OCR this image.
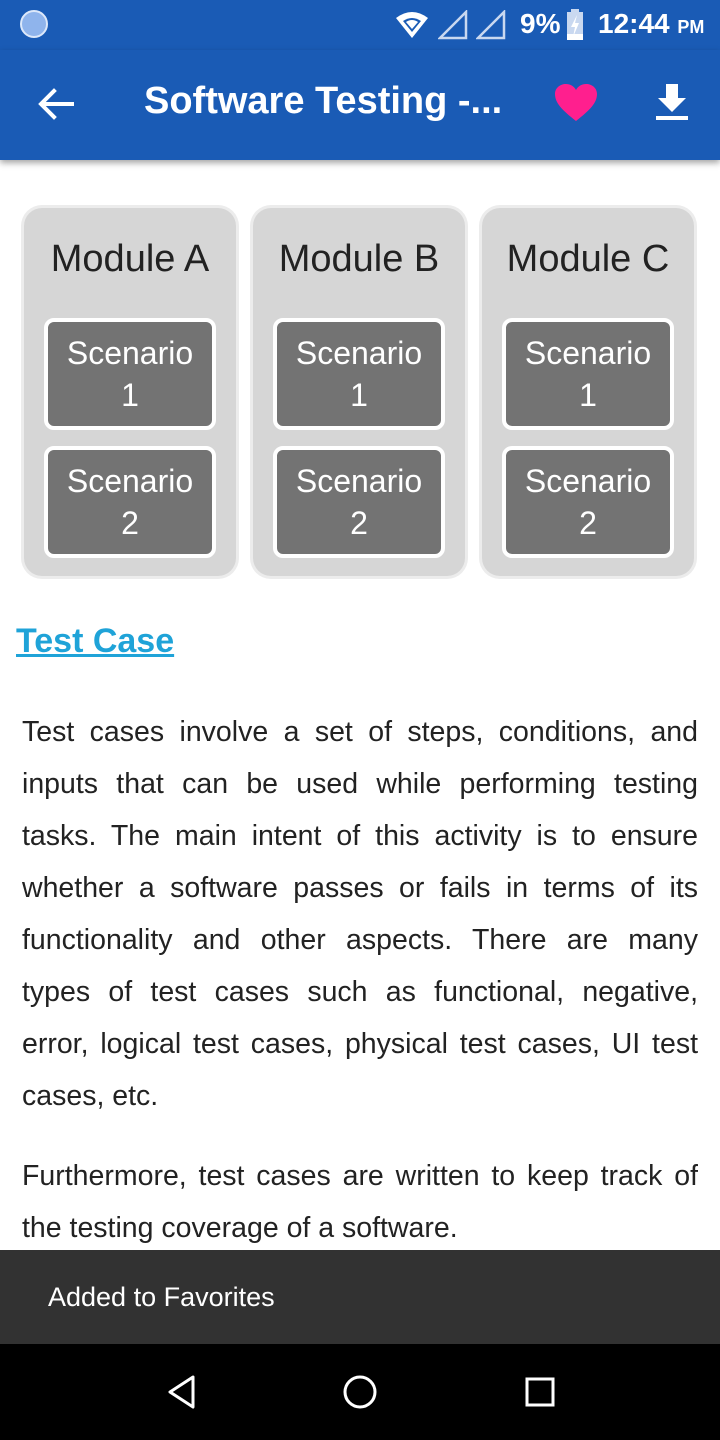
9% 12:44 PM
Software Testing -...
Module A
Scenario
1
Scenario
2
Module B
Scenario
1
Scenario
2
Module C
Scenario
1
Scenario
2
Test Case

Test cases involve a set of steps, conditions, and inputs that can be used while performing testing tasks. The main intent of this activity is to ensure whether a software passes or fails in terms of its functionality and other aspects. There are many types of test cases such as functional, negative, error, logical test cases, physical test cases, UI test cases, etc.

Furthermore, test cases are written to keep track of the testing coverage of a software.

Added to Favorites
